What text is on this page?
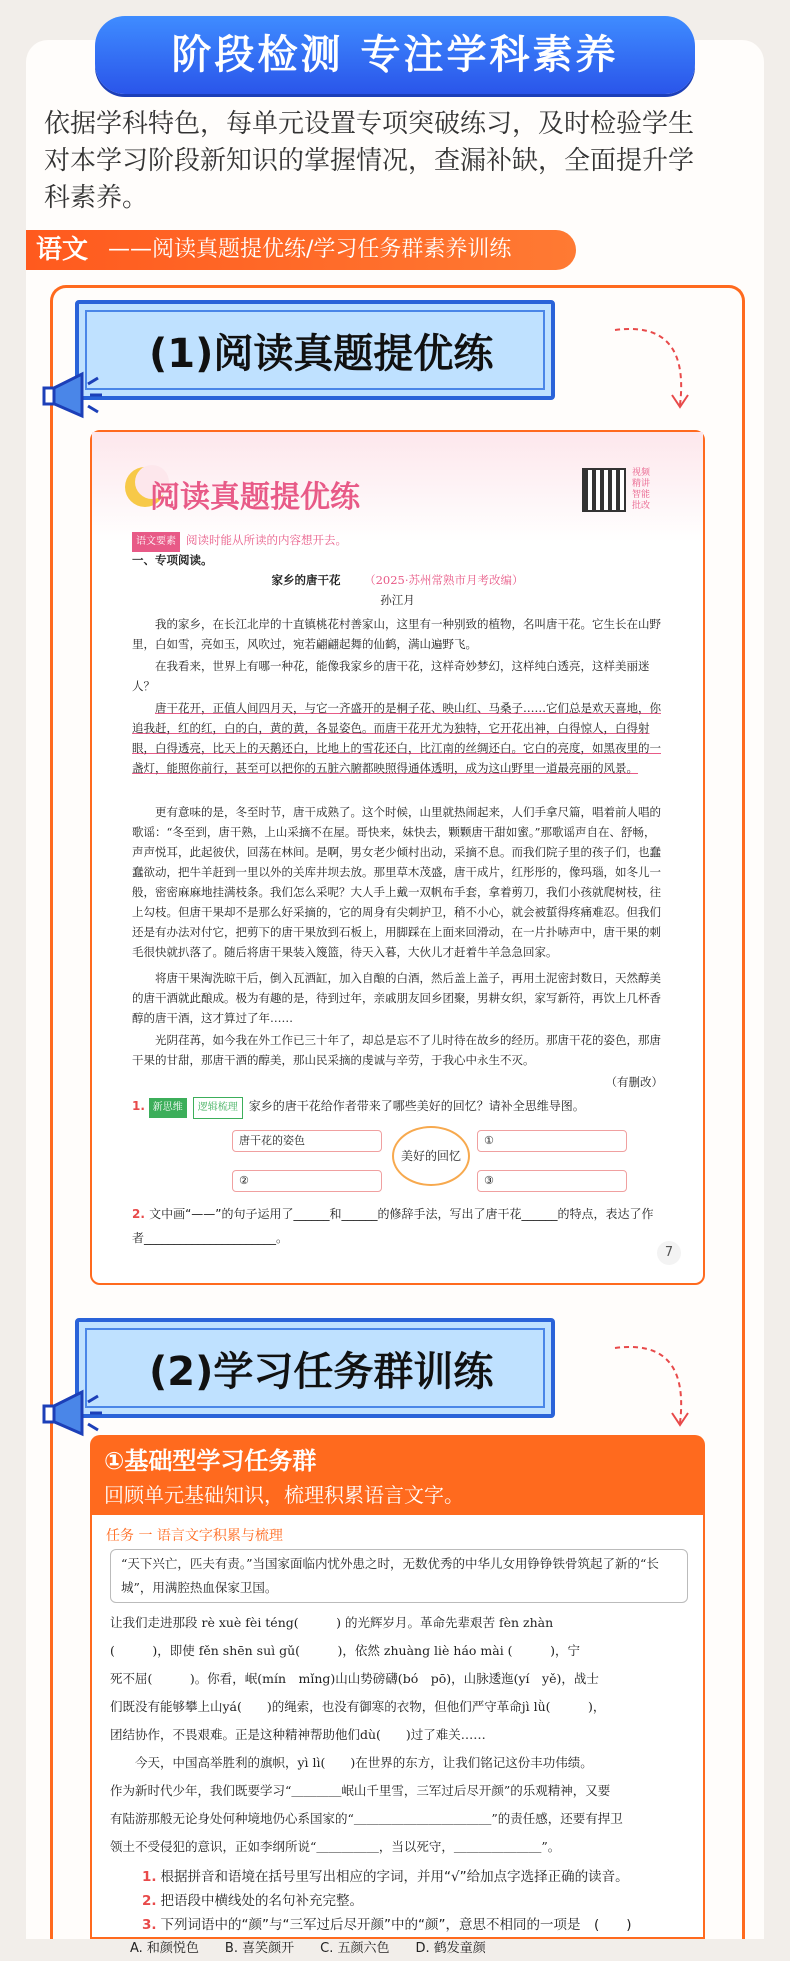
阶段检测 专注学科素养
依据学科特色，每单元设置专项突破练习，及时检验学生对本学习阶段新知识的掌握情况，查漏补缺，全面提升学科素养。
语文 ——阅读真题提优练/学习任务群素养训练
(1)阅读真题提优练
阅读真题提优练
视频精讲 智能批改
语文要素 阅读时能从所读的内容想开去。
一、专项阅读。
家乡的唐干花 （2025·苏州常熟市月考改编）
孙江月
我的家乡，在长江北岸的十直镇桃花村善家山，这里有一种别致的植物，名叫唐干花。它生长在山野里，白如雪，亮如玉，风吹过，宛若翩翩起舞的仙鹤，满山遍野飞。
在我看来，世界上有哪一种花，能像我家乡的唐干花，这样奇妙梦幻，这样纯白透亮，这样美丽迷人？
唐干花开，正值人间四月天，与它一齐盛开的是桐子花、映山红、马桑子……它们总是欢天喜地，你追我赶，红的红，白的白，黄的黄，各显姿色。而唐干花开尤为独特，它开花出神，白得惊人，白得射眼，白得透亮，比天上的天鹅还白，比地上的雪花还白，比江南的丝绸还白。它白的亮度，如黑夜里的一盏灯，能照你前行，甚至可以把你的五脏六腑都映照得通体透明，成为这山野里一道最亮丽的风景。
更有意味的是，冬至时节，唐干成熟了。这个时候，山里就热闹起来，人们手拿尺篇，唱着前人唱的歌谣：“冬至到，唐干熟，上山采摘不在屋。哥快来，妹快去，颗颗唐干甜如蜜。”那歌谣声自在、舒畅，声声悦耳，此起彼伏，回荡在林间。是啊，男女老少倾村出动，采摘不息。而我们院子里的孩子们，也蠢蠢欲动，把牛羊赶到一里以外的关库井坝去放。那里草木茂盛，唐干成片，红彤彤的，像玛瑙，如冬儿一般，密密麻麻地挂满枝条。我们怎么采呢？大人手上戴一双帆布手套，拿着剪刀，我们小孩就爬树枝，往上勾枝。但唐干果却不是那么好采摘的，它的周身有尖刺护卫，稍不小心，就会被蜇得疼痛难忍。但我们还是有办法对付它，把剪下的唐干果放到石板上，用脚踩在上面来回滑动，在一片扑哧声中，唐干果的刺毛很快就扒落了。随后将唐干果装入篾篮，待天入暮，大伙儿才赶着牛羊急急回家。
将唐干果淘洗晾干后，倒入瓦酒缸，加入自酿的白酒，然后盖上盖子，再用土泥密封数日，天然醇美的唐干酒就此酿成。极为有趣的是，待到过年，亲戚朋友回乡团聚，男耕女织，家写新符，再饮上几杯香醇的唐干酒，这才算过了年……
光阴荏苒，如今我在外工作已三十年了，却总是忘不了儿时待在故乡的经历。那唐干花的姿色，那唐干果的甘甜，那唐干酒的醇美，那山民采摘的虔诚与辛劳，于我心中永生不灭。
（有删改）
1. 新思维 逻辑梳理 家乡的唐干花给作者带来了哪些美好的回忆？请补全思维导图。
唐干花的姿色	①
②	③
美好的回忆
2. 文中画“——”的句子运用了______和______的修辞手法，写出了唐干花______的特点，表达了作者______________________。
7
(2)学习任务群训练
①基础型学习任务群
回顾单元基础知识，梳理积累语言文字。
任务 一 语言文字积累与梳理
“天下兴亡，匹夫有责。”当国家面临内忧外患之时，无数优秀的中华儿女用铮铮铁骨筑起了新的“长城”，用满腔热血保家卫国。
让我们走进那段 rè xuè fèi téng(　　　) 的光辉岁月。革命先辈艰苦 fèn zhàn
(　　　)，即使 fěn shēn suì gǔ(　　　)，依然 zhuàng liè háo mài (　　　)，宁
死不屈(　　　)。你看，岷(mín　mǐng)山山势磅礴(bó　pō)，山脉逶迤(yí　yě)，战士
们既没有能够攀上山yá(　　)的绳索，也没有御寒的衣物，但他们严守革命jì lǜ(　　　)，
团结协作，不畏艰难。正是这种精神帮助他们dù(　　)过了难关……
今天，中国高举胜利的旗帜，yì lì(　　)在世界的东方，让我们铭记这份丰功伟绩。
作为新时代少年，我们既要学习“＿＿＿＿岷山千里雪，三军过后尽开颜”的乐观精神，又要
有陆游那般无论身处何种境地仍心系国家的“＿＿＿＿＿＿＿＿＿＿＿”的责任感，还要有捍卫
领土不受侵犯的意识，正如李纲所说“＿＿＿＿＿，当以死守，＿＿＿＿＿＿＿”。
1. 根据拼音和语境在括号里写出相应的字词，并用“√”给加点字选择正确的读音。
2. 把语段中横线处的名句补充完整。
3. 下列词语中的“颜”与“三军过后尽开颜”中的“颜”，意思不相同的一项是　(　　)
A. 和颜悦色　　B. 喜笑颜开　　C. 五颜六色　　D. 鹤发童颜
